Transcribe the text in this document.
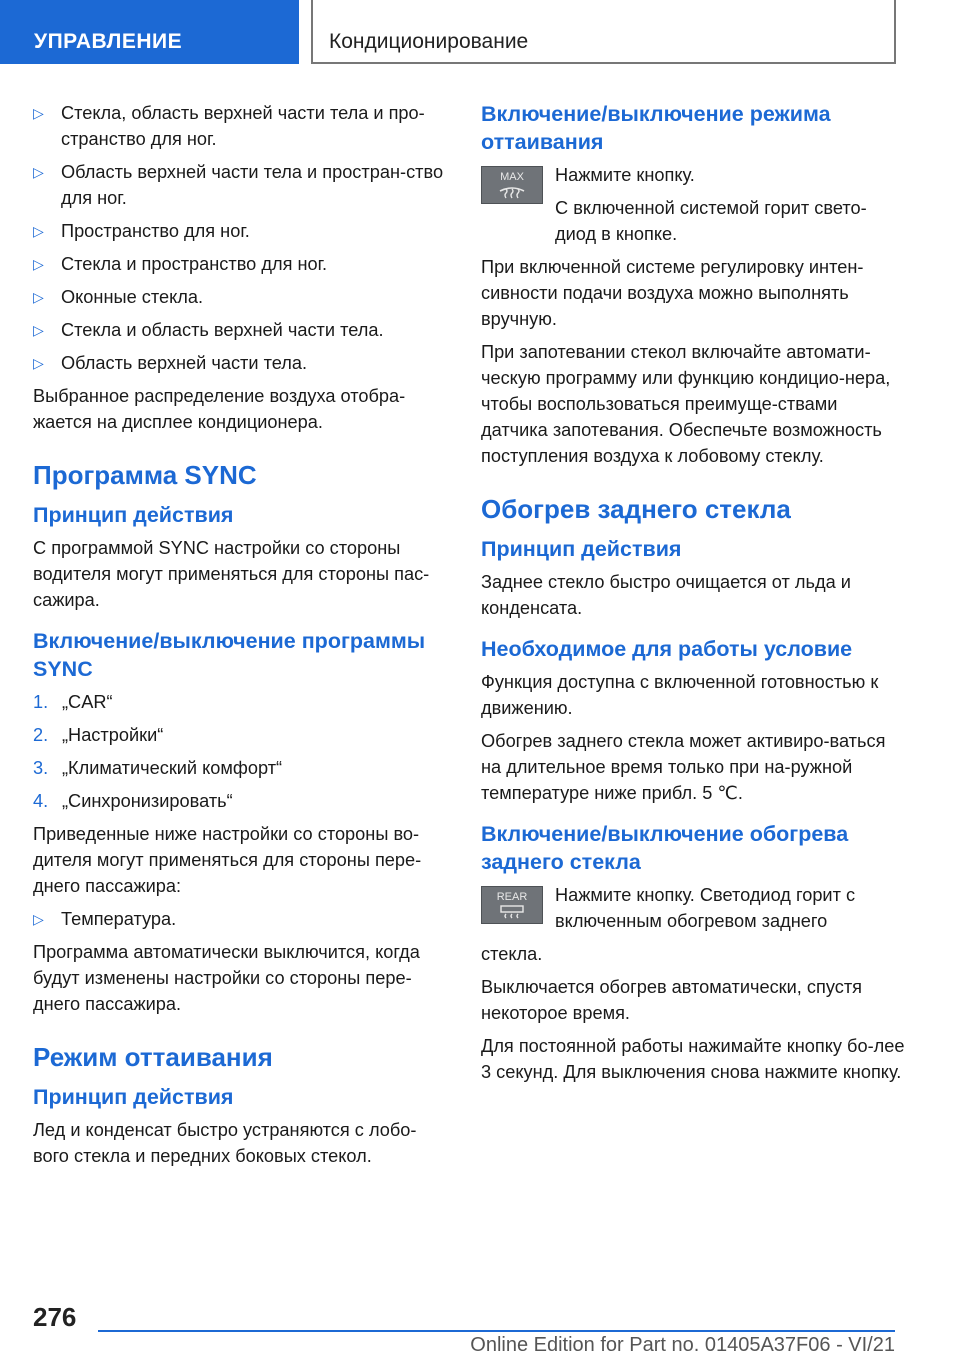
УПРАВЛЕНИЕ	Кондиционирование
▷ Стекла, область верхней части тела и про-странство для ног.
▷ Область верхней части тела и простран-ство для ног.
▷ Пространство для ног.
▷ Стекла и пространство для ног.
▷ Оконные стекла.
▷ Стекла и область верхней части тела.
▷ Область верхней части тела.

Выбранное распределение воздуха отобра-жается на дисплее кондиционера.

Программа SYNC
Принцип действия

С программой SYNC настройки со стороны водителя могут применяться для стороны пас-сажира.

Включение/выключение программы SYNC
1. „CAR“
2. „Настройки“
3. „Климатический комфорт“
4. „Синхронизировать“

Приведенные ниже настройки со стороны во-дителя могут применяться для стороны пере-днего пассажира:

▷ Температура.

Программа автоматически выключится, когда будут изменены настройки со стороны пере-днего пассажира.

Режим оттаивания
Принцип действия

Лед и конденсат быстро устраняются с лобо-вого стекла и передних боковых стекол.

Включение/выключение режима оттаивания
MAX	Нажмите кнопку.

С включенной системой горит свето-диод в кнопке.

При включенной системе регулировку интен-сивности подачи воздуха можно выполнять вручную.

При запотевании стекол включайте автомати-ческую программу или функцию кондицио-нера, чтобы воспользоваться преимуще-ствами датчика запотевания. Обеспечьте возможность поступления воздуха к лобовому стеклу.

Обогрев заднего стекла
Принцип действия

Заднее стекло быстро очищается от льда и конденсата.

Необходимое для работы условие

Функция доступна с включенной готовностью к движению.

Обогрев заднего стекла может активиро-ваться на длительное время только при на-ружной температуре ниже прибл. 5 ℃.

Включение/выключение обогрева заднего стекла
REAR	Нажмите кнопку. Светодиод горит с включенным обогревом заднего

стекла.

Выключается обогрев автоматически, спустя некоторое время.

Для постоянной работы нажимайте кнопку бо-лее 3 секунд. Для выключения снова нажмите кнопку.

276
Online Edition for Part no. 01405A37F06 - VI/21
